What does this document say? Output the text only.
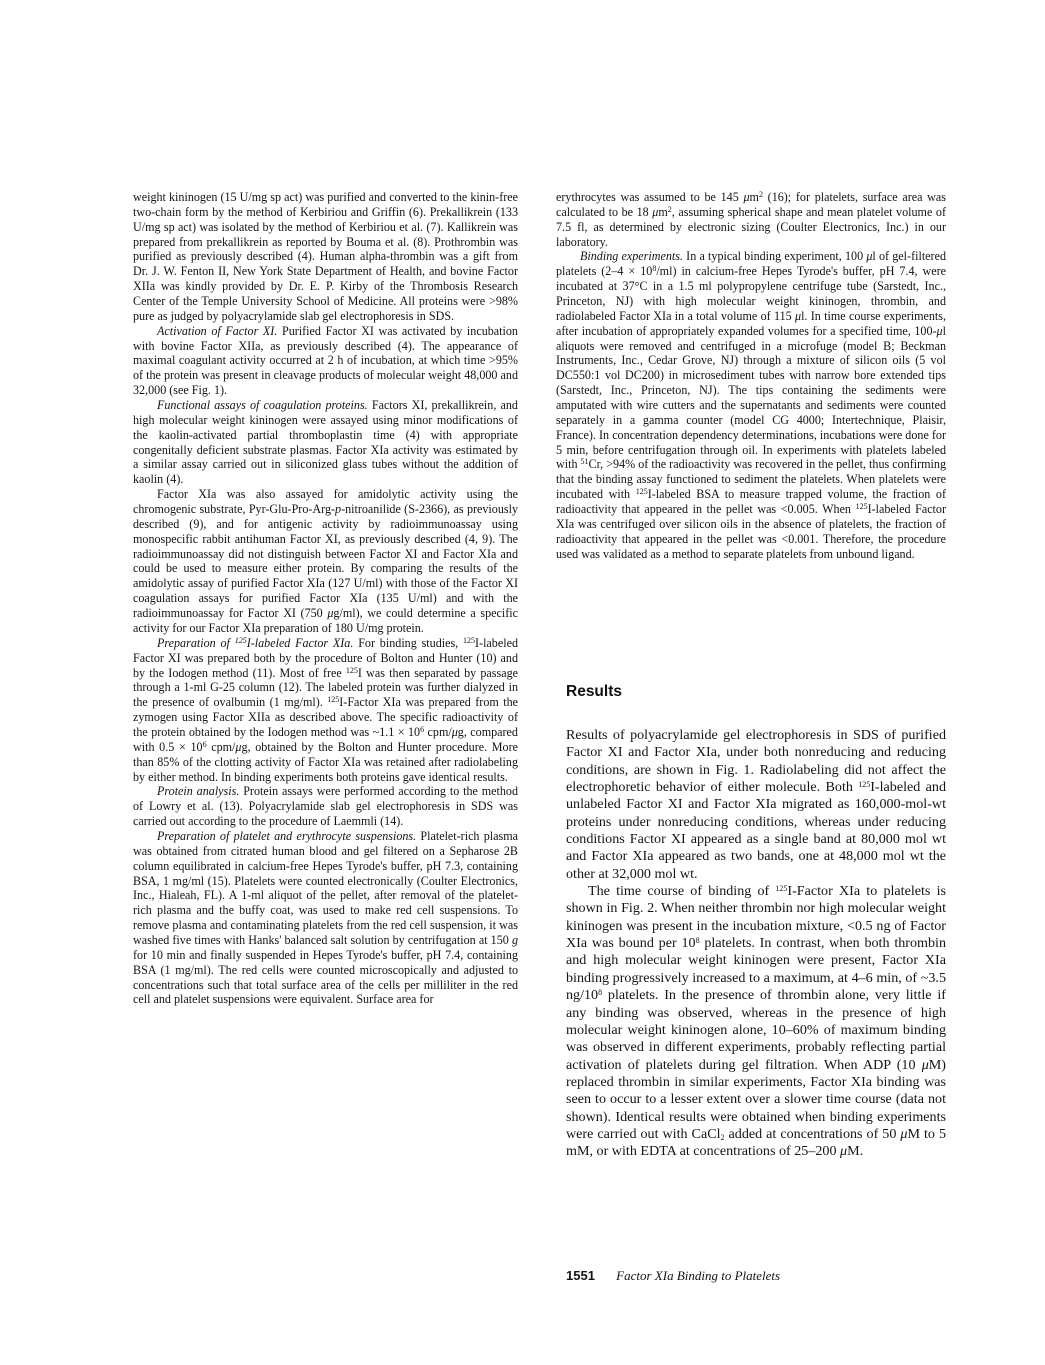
weight kininogen (15 U/mg sp act) was purified and converted to the kinin-free two-chain form by the method of Kerbiriou and Griffin (6). Prekallikrein (133 U/mg sp act) was isolated by the method of Kerbiriou et al. (7). Kallikrein was prepared from prekallikrein as reported by Bouma et al. (8). Prothrombin was purified as previously described (4). Human alpha-thrombin was a gift from Dr. J. W. Fenton II, New York State Department of Health, and bovine Factor XIIa was kindly provided by Dr. E. P. Kirby of the Thrombosis Research Center of the Temple University School of Medicine. All proteins were >98% pure as judged by polyacrylamide slab gel electrophoresis in SDS.

Activation of Factor XI. Purified Factor XI was activated by incubation with bovine Factor XIIa, as previously described (4). The appearance of maximal coagulant activity occurred at 2 h of incubation, at which time >95% of the protein was present in cleavage products of molecular weight 48,000 and 32,000 (see Fig. 1).

Functional assays of coagulation proteins. Factors XI, prekallikrein, and high molecular weight kininogen were assayed using minor modifications of the kaolin-activated partial thromboplastin time (4) with appropriate congenitally deficient substrate plasmas. Factor XIa activity was estimated by a similar assay carried out in siliconized glass tubes without the addition of kaolin (4).

Factor XIa was also assayed for amidolytic activity using the chromogenic substrate, Pyr-Glu-Pro-Arg-p-nitroanilide (S-2366), as previously described (9), and for antigenic activity by radioimmunoassay using monospecific rabbit antihuman Factor XI, as previously described (4, 9). The radioimmunoassay did not distinguish between Factor XI and Factor XIa and could be used to measure either protein. By comparing the results of the amidolytic assay of purified Factor XIa (127 U/ml) with those of the Factor XI coagulation assays for purified Factor XIa (135 U/ml) and with the radioimmunoassay for Factor XI (750 μg/ml), we could determine a specific activity for our Factor XIa preparation of 180 U/mg protein.

Preparation of $^{125}$I-labeled Factor XIa. For binding studies, $^{125}$I-labeled Factor XI was prepared both by the procedure of Bolton and Hunter (10) and by the Iodogen method (11). Most of free $^{125}$I was then separated by passage through a 1-ml G-25 column (12). The labeled protein was further dialyzed in the presence of ovalbumin (1 mg/ml). $^{125}$I-Factor XIa was prepared from the zymogen using Factor XIIa as described above. The specific radioactivity of the protein obtained by the Iodogen method was ~1.1 × $10^6$ cpm/μg, compared with $0.5 \times 10^6$ cpm/μg, obtained by the Bolton and Hunter procedure. More than 85% of the clotting activity of Factor XIa was retained after radiolabeling by either method. In binding experiments both proteins gave identical results.

Protein analysis. Protein assays were performed according to the method of Lowry et al. (13). Polyacrylamide slab gel electrophoresis in SDS was carried out according to the procedure of Laemmli (14).

Preparation of platelet and erythrocyte suspensions. Platelet-rich plasma was obtained from citrated human blood and gel filtered on a Sepharose 2B column equilibrated in calcium-free Hepes Tyrode's buffer, pH 7.3, containing BSA, 1 mg/ml (15). Platelets were counted electronically (Coulter Electronics, Inc., Hialeah, FL). A 1-ml aliquot of the pellet, after removal of the platelet-rich plasma and the buffy coat, was used to make red cell suspensions. To remove plasma and contaminating platelets from the red cell suspension, it was washed five times with Hanks' balanced salt solution by centrifugation at 150 g for 10 min and finally suspended in Hepes Tyrode's buffer, pH 7.4, containing BSA (1 mg/ml). The red cells were counted microscopically and adjusted to concentrations such that total surface area of the cells per milliliter in the red cell and platelet suspensions were equivalent. Surface area for

erythrocytes was assumed to be 145 $\mu m^2$ (16); for platelets, surface area was calculated to be 18 $\mu m^2$, assuming spherical shape and mean platelet volume of 7.5 fl, as determined by electronic sizing (Coulter Electronics, Inc.) in our laboratory.

Binding experiments. In a typical binding experiment, 100 μl of gel-filtered platelets $(2-4 \times 10^8/ml)$ in calcium-free Hepes Tyrode's buffer, pH 7.4, were incubated at 37°C in a 1.5 ml polypropylene centrifuge tube (Sarstedt, Inc., Princeton, NJ) with high molecular weight kininogen, thrombin, and radiolabeled Factor XIa in a total volume of 115 μl. In time course experiments, after incubation of appropriately expanded volumes for a specified time, 100-μl aliquots were removed and centrifuged in a microfuge (model B; Beckman Instruments, Inc., Cedar Grove, NJ) through a mixture of silicon oils (5 vol DC550:1 vol DC200) in microsediment tubes with narrow bore extended tips (Sarstedt, Inc., Princeton, NJ). The tips containing the sediments were amputated with wire cutters and the supernatants and sediments were counted separately in a gamma counter (model CG 4000; Intertechnique, Plaisir, France). In concentration dependency determinations, incubations were done for 5 min, before centrifugation through oil. In experiments with platelets labeled with $^{51}$Cr, >94% of the radioactivity was recovered in the pellet, thus confirming that the binding assay functioned to sediment the platelets. When platelets were incubated with $^{125}$I-labeled BSA to measure trapped volume, the fraction of radioactivity that appeared in the pellet was <0.005. When $^{125}$I-labeled Factor XIa was centrifuged over silicon oils in the absence of platelets, the fraction of radioactivity that appeared in the pellet was <0.001. Therefore, the procedure used was validated as a method to separate platelets from unbound ligand.

Results

Results of polyacrylamide gel electrophoresis in SDS of purified Factor XI and Factor XIa, under both nonreducing and reducing conditions, are shown in Fig. 1. Radiolabeling did not affect the electrophoretic behavior of either molecule. Both $^{125}$I-labeled and unlabeled Factor XI and Factor XIa migrated as 160,000-mol-wt proteins under nonreducing conditions, whereas under reducing conditions Factor XI appeared as a single band at 80,000 mol wt and Factor XIa appeared as two bands, one at 48,000 mol wt the other at 32,000 mol wt.

The time course of binding of $^{125}$I-Factor XIa to platelets is shown in Fig. 2. When neither thrombin nor high molecular weight kininogen was present in the incubation mixture, <0.5 ng of Factor XIa was bound per $10^8$ platelets. In contrast, when both thrombin and high molecular weight kininogen were present, Factor XIa binding progressively increased to a maximum, at 4–6 min, of ~3.5 $ng/10^8$ platelets. In the presence of thrombin alone, very little if any binding was observed, whereas in the presence of high molecular weight kininogen alone, 10–60% of maximum binding was observed in different experiments, probably reflecting partial activation of platelets during gel filtration. When ADP (10 μM) replaced thrombin in similar experiments, Factor XIa binding was seen to occur to a lesser extent over a slower time course (data not shown). Identical results were obtained when binding experiments were carried out with CaCl$_2$ added at concentrations of 50 μM to 5 mM, or with EDTA at concentrations of 25–200 μM.

1551 Factor XIa Binding to Platelets
